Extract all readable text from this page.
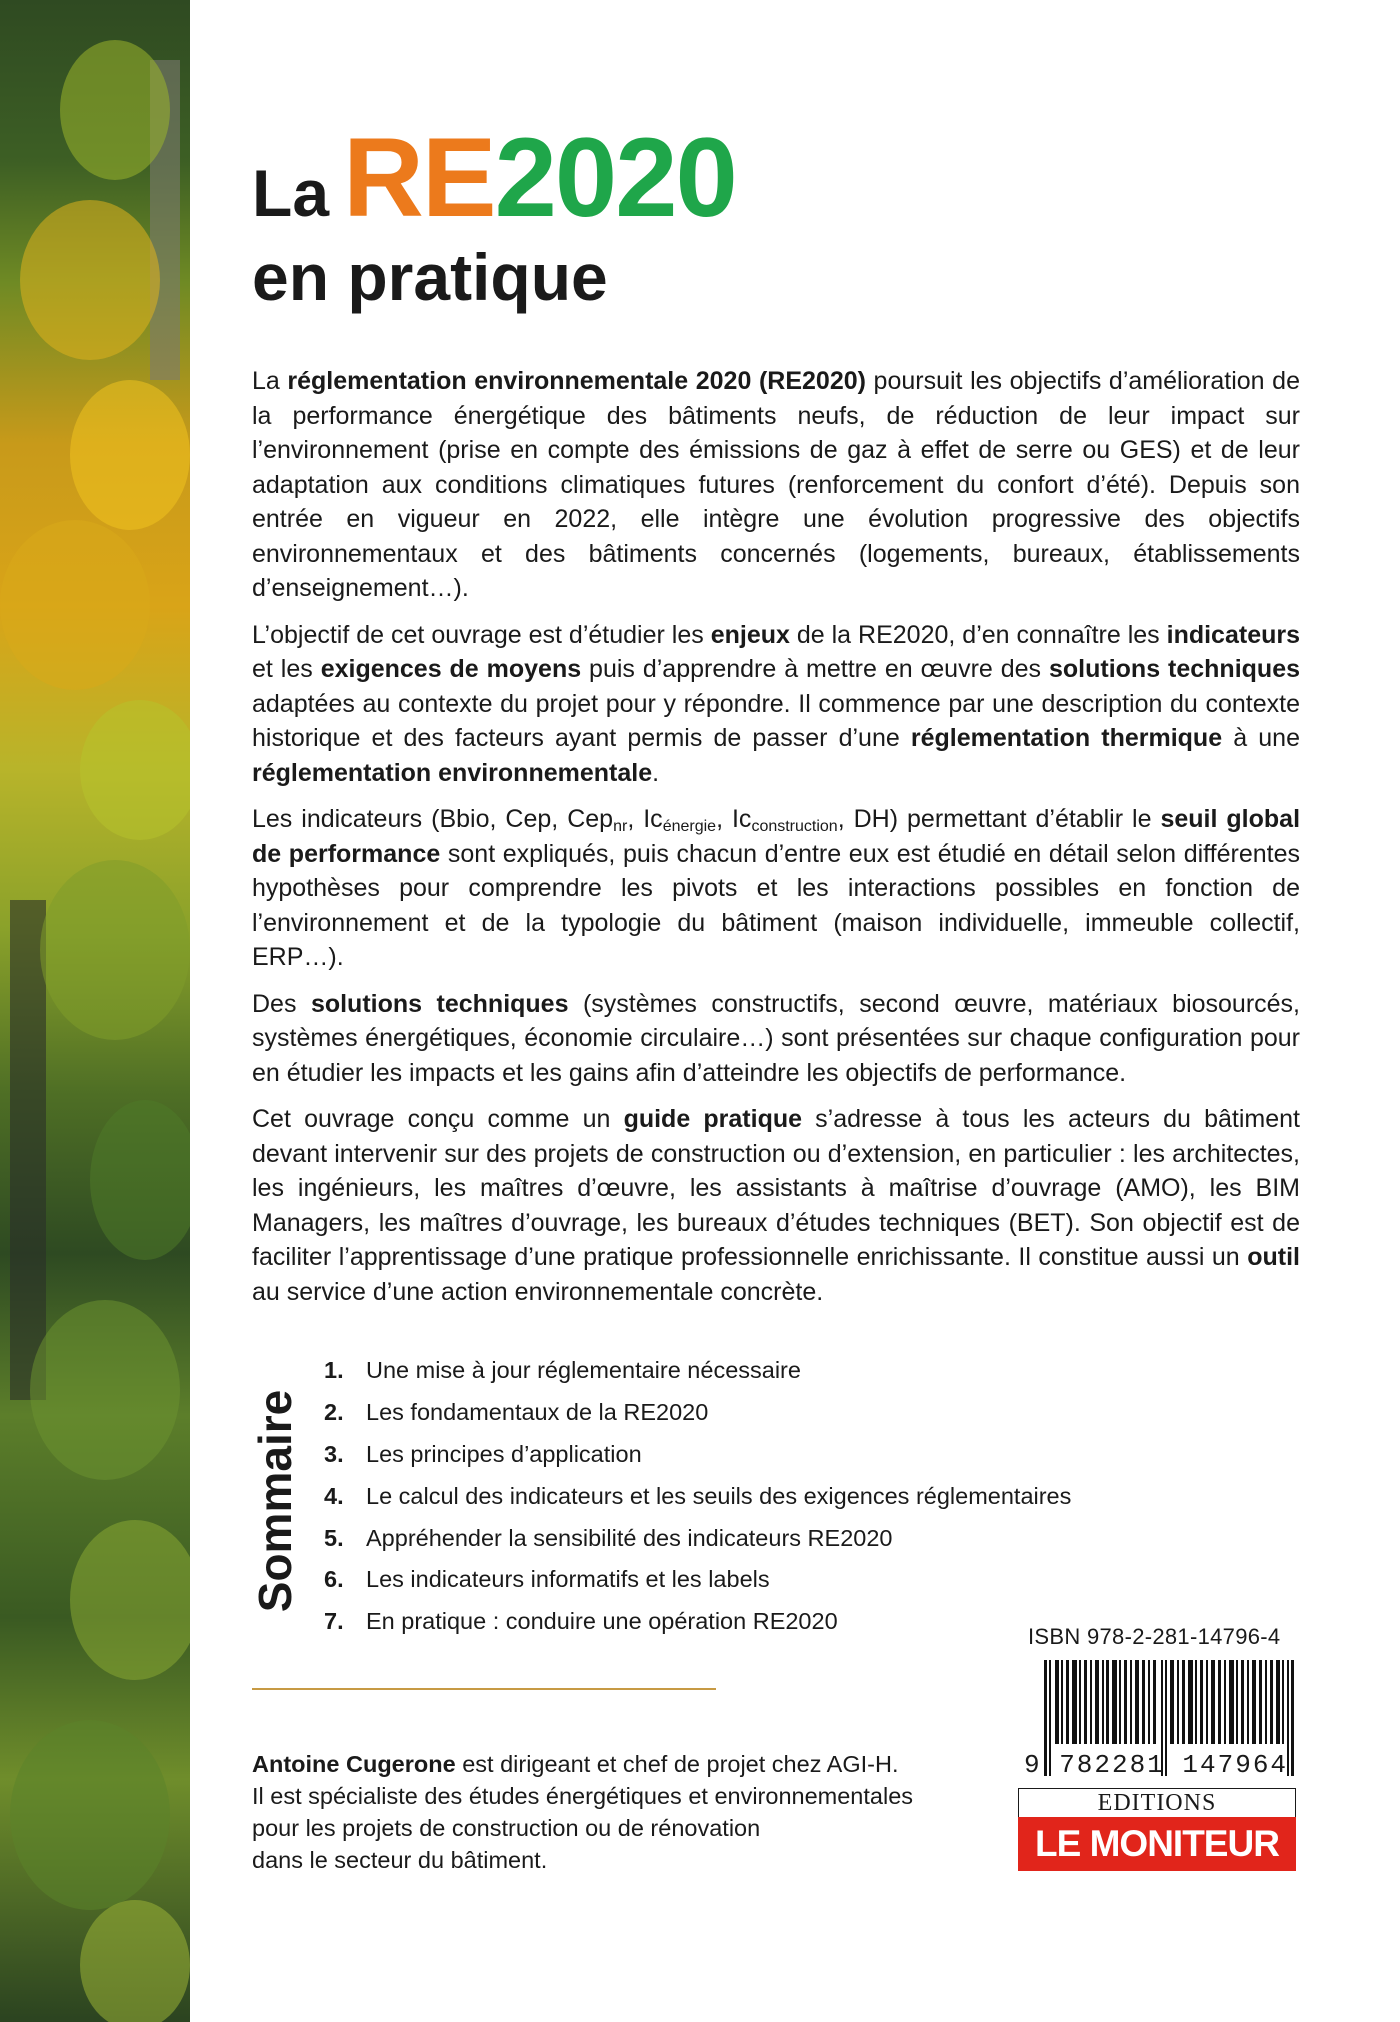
La RE2020
en pratique

La réglementation environnementale 2020 (RE2020) poursuit les objectifs d’amélioration de la performance énergétique des bâtiments neufs, de réduction de leur impact sur l’environnement (prise en compte des émissions de gaz à effet de serre ou GES) et de leur adaptation aux conditions climatiques futures (renforcement du confort d’été). Depuis son entrée en vigueur en 2022, elle intègre une évolution progressive des objectifs environnementaux et des bâtiments concernés (logements, bureaux, établissements d’enseignement…).

L’objectif de cet ouvrage est d’étudier les enjeux de la RE2020, d’en connaître les indicateurs et les exigences de moyens puis d’apprendre à mettre en œuvre des solutions techniques adaptées au contexte du projet pour y répondre. Il commence par une description du contexte historique et des facteurs ayant permis de passer d’une réglementation thermique à une réglementation environnementale.

Les indicateurs (Bbio, Cep, Cep$_{nr}$, $Ic_{énergie}$, $Ic_{construction}$, DH) permettant d’établir le seuil global de performance sont expliqués, puis chacun d’entre eux est étudié en détail selon différentes hypothèses pour comprendre les pivots et les interactions possibles en fonction de l’environnement et de la typologie du bâtiment (maison individuelle, immeuble collectif, ERP…).

Des solutions techniques (systèmes constructifs, second œuvre, matériaux biosourcés, systèmes énergétiques, économie circulaire…) sont présentées sur chaque configuration pour en étudier les impacts et les gains afin d’atteindre les objectifs de performance.

Cet ouvrage conçu comme un guide pratique s’adresse à tous les acteurs du bâtiment devant intervenir sur des projets de construction ou d’extension, en particulier : les architectes, les ingénieurs, les maîtres d’œuvre, les assistants à maîtrise d’ouvrage (AMO), les BIM Managers, les maîtres d’ouvrage, les bureaux d’études techniques (BET). Son objectif est de faciliter l’apprentissage d’une pratique professionnelle enrichissante. Il constitue aussi un outil au service d’une action environnementale concrète.

Sommaire
1. Une mise à jour réglementaire nécessaire
2. Les fondamentaux de la RE2020
3. Les principes d’application
4. Le calcul des indicateurs et les seuils des exigences réglementaires
5. Appréhender la sensibilité des indicateurs RE2020
6. Les indicateurs informatifs et les labels
7. En pratique : conduire une opération RE2020
Antoine Cugerone est dirigeant et chef de projet chez AGI-H.
Il est spécialiste des études énergétiques et environnementales
pour les projets de construction ou de rénovation
dans le secteur du bâtiment.
ISBN 978-2-281-14796-4
9 782281 147964
EDITIONS
LE MONITEUR
